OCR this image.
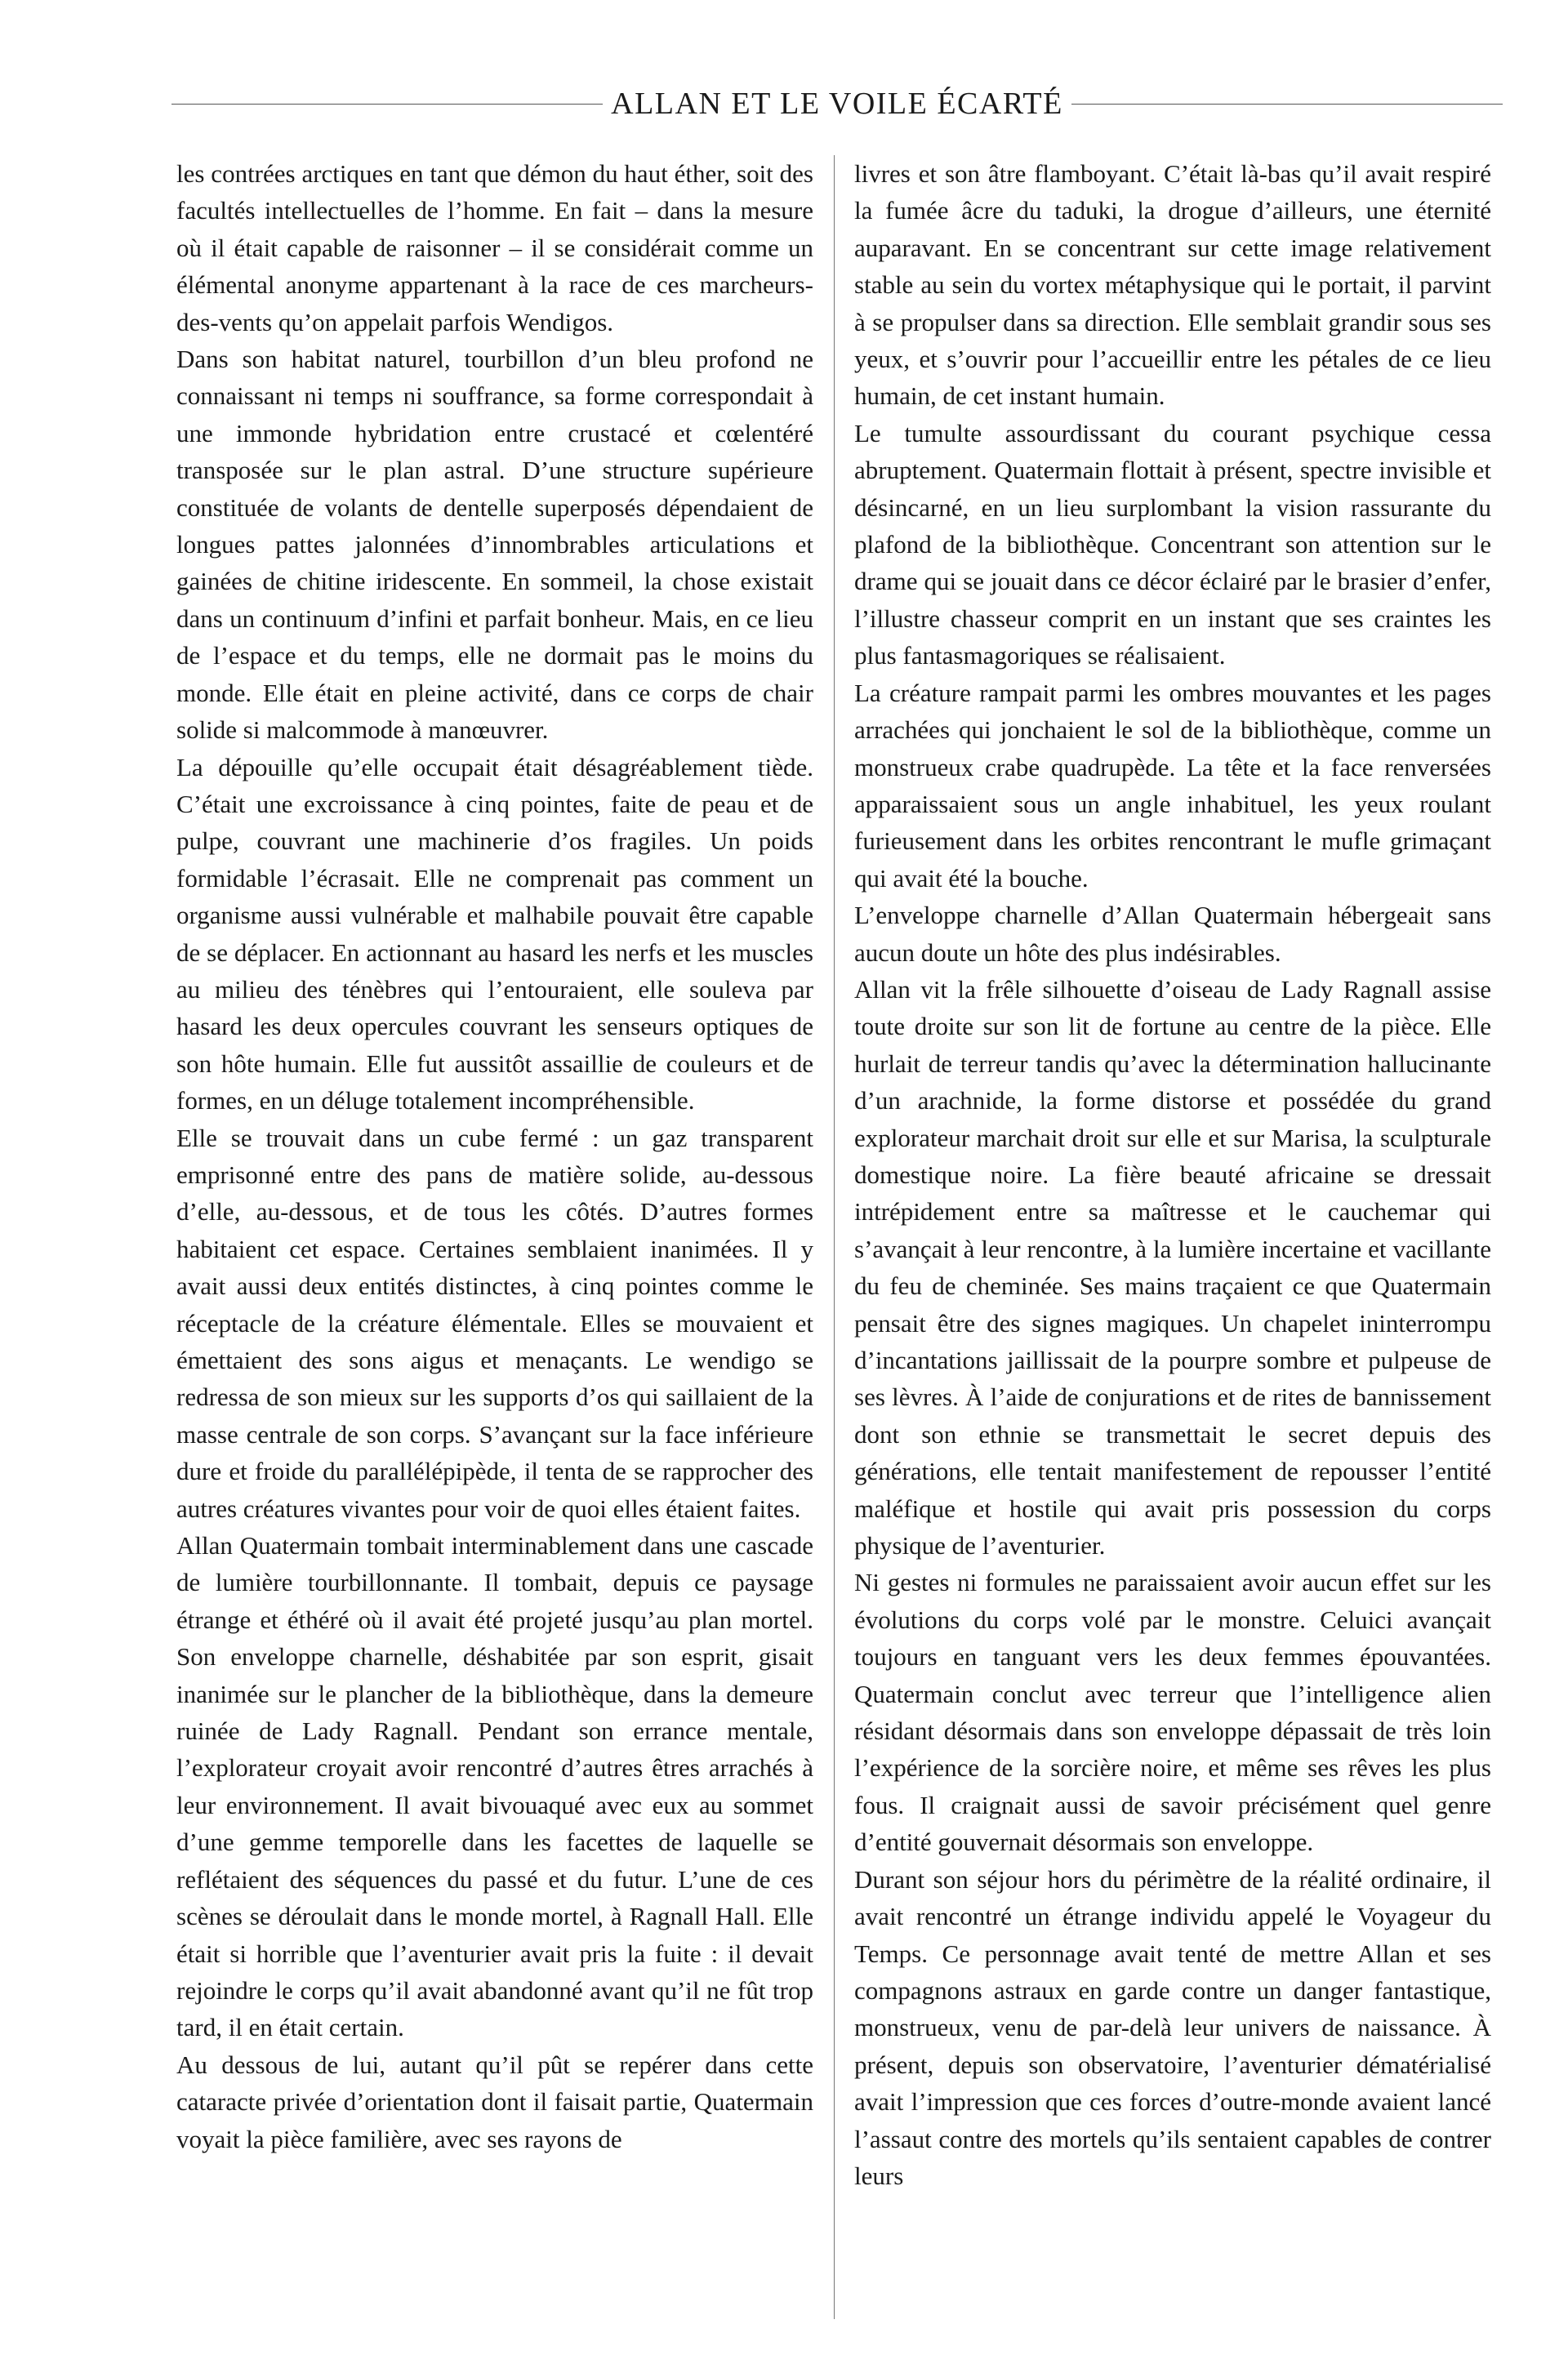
ALLAN ET LE VOILE ÉCARTÉ

les contrées arctiques en tant que démon du haut éther, soit des facultés intellectuelles de l’homme. En fait – dans la mesure où il était capable de raisonner – il se considérait comme un élémental anonyme appartenant à la race de ces marcheurs-des-vents qu’on appelait parfois Wendigos.

Dans son habitat naturel, tourbillon d’un bleu profond ne connaissant ni temps ni souffrance, sa forme correspondait à une immonde hybridation entre crustacé et cœlentéré transposée sur le plan astral. D’une structure supérieure constituée de volants de dentelle superposés dépendaient de longues pattes jalonnées d’innombrables articulations et gainées de chitine iridescente. En sommeil, la chose existait dans un continuum d’infini et parfait bonheur. Mais, en ce lieu de l’espace et du temps, elle ne dormait pas le moins du monde. Elle était en pleine activité, dans ce corps de chair solide si malcommode à manœuvrer.

La dépouille qu’elle occupait était désagréablement tiède. C’était une excroissance à cinq pointes, faite de peau et de pulpe, couvrant une machinerie d’os fragiles. Un poids formidable l’écrasait. Elle ne comprenait pas comment un organisme aussi vulnérable et malhabile pouvait être capable de se déplacer. En actionnant au hasard les nerfs et les muscles au milieu des ténèbres qui l’entouraient, elle souleva par hasard les deux opercules couvrant les senseurs optiques de son hôte humain. Elle fut aussitôt assaillie de couleurs et de formes, en un déluge totalement incompréhensible.

Elle se trouvait dans un cube fermé : un gaz transparent emprisonné entre des pans de matière solide, au-dessous d’elle, au-dessous, et de tous les côtés. D’autres formes habitaient cet espace. Certaines semblaient inanimées. Il y avait aussi deux entités distinctes, à cinq pointes comme le réceptacle de la créature élémentale. Elles se mouvaient et émettaient des sons aigus et menaçants. Le wendigo se redressa de son mieux sur les supports d’os qui saillaient de la masse centrale de son corps. S’avançant sur la face inférieure dure et froide du parallélépipède, il tenta de se rapprocher des autres créatures vivantes pour voir de quoi elles étaient faites.

Allan Quatermain tombait interminablement dans une cascade de lumière tourbillonnante. Il tombait, depuis ce paysage étrange et éthéré où il avait été projeté jusqu’au plan mortel. Son enveloppe charnelle, déshabitée par son esprit, gisait inanimée sur le plancher de la bibliothèque, dans la demeure ruinée de Lady Ragnall. Pendant son errance mentale, l’explorateur croyait avoir rencontré d’autres êtres arrachés à leur environnement. Il avait bivouaqué avec eux au sommet d’une gemme temporelle dans les facettes de laquelle se reflétaient des séquences du passé et du futur. L’une de ces scènes se déroulait dans le monde mortel, à Ragnall Hall. Elle était si horrible que l’aventurier avait pris la fuite : il devait rejoindre le corps qu’il avait abandonné avant qu’il ne fût trop tard, il en était certain.

Au dessous de lui, autant qu’il pût se repérer dans cette cataracte privée d’orientation dont il faisait partie, Quatermain voyait la pièce familière, avec ses rayons de

livres et son âtre flamboyant. C’était là-bas qu’il avait respiré la fumée âcre du taduki, la drogue d’ailleurs, une éternité auparavant. En se concentrant sur cette image relativement stable au sein du vortex métaphysique qui le portait, il parvint à se propulser dans sa direction. Elle semblait grandir sous ses yeux, et s’ouvrir pour l’accueillir entre les pétales de ce lieu humain, de cet instant humain.

Le tumulte assourdissant du courant psychique cessa abruptement. Quatermain flottait à présent, spectre invisible et désincarné, en un lieu surplombant la vision rassurante du plafond de la bibliothèque. Concentrant son attention sur le drame qui se jouait dans ce décor éclairé par le brasier d’enfer, l’illustre chasseur comprit en un instant que ses craintes les plus fantasmagoriques se réalisaient.

La créature rampait parmi les ombres mouvantes et les pages arrachées qui jonchaient le sol de la bibliothèque, comme un monstrueux crabe quadrupède. La tête et la face renversées apparaissaient sous un angle inhabituel, les yeux roulant furieusement dans les orbites rencontrant le mufle grimaçant qui avait été la bouche.

L’enveloppe charnelle d’Allan Quatermain hébergeait sans aucun doute un hôte des plus indésirables.

Allan vit la frêle silhouette d’oiseau de Lady Ragnall assise toute droite sur son lit de fortune au centre de la pièce. Elle hurlait de terreur tandis qu’avec la détermination hallucinante d’un arachnide, la forme distorse et possédée du grand explorateur marchait droit sur elle et sur Marisa, la sculpturale domestique noire. La fière beauté africaine se dressait intrépidement entre sa maîtresse et le cauchemar qui s’avançait à leur rencontre, à la lumière incertaine et vacillante du feu de cheminée. Ses mains traçaient ce que Quatermain pensait être des signes magiques. Un chapelet ininterrompu d’incantations jaillissait de la pourpre sombre et pulpeuse de ses lèvres. À l’aide de conjurations et de rites de bannissement dont son ethnie se transmettait le secret depuis des générations, elle tentait manifestement de repousser l’entité maléfique et hostile qui avait pris possession du corps physique de l’aventurier.

Ni gestes ni formules ne paraissaient avoir aucun effet sur les évolutions du corps volé par le monstre. Celuici avançait toujours en tanguant vers les deux femmes épouvantées. Quatermain conclut avec terreur que l’intelligence alien résidant désormais dans son enveloppe dépassait de très loin l’expérience de la sorcière noire, et même ses rêves les plus fous. Il craignait aussi de savoir précisément quel genre d’entité gouvernait désormais son enveloppe.

Durant son séjour hors du périmètre de la réalité ordinaire, il avait rencontré un étrange individu appelé le Voyageur du Temps. Ce personnage avait tenté de mettre Allan et ses compagnons astraux en garde contre un danger fantastique, monstrueux, venu de par-delà leur univers de naissance. À présent, depuis son observatoire, l’aventurier dématérialisé avait l’impression que ces forces d’outre-monde avaient lancé l’assaut contre des mortels qu’ils sentaient capables de contrer leurs
